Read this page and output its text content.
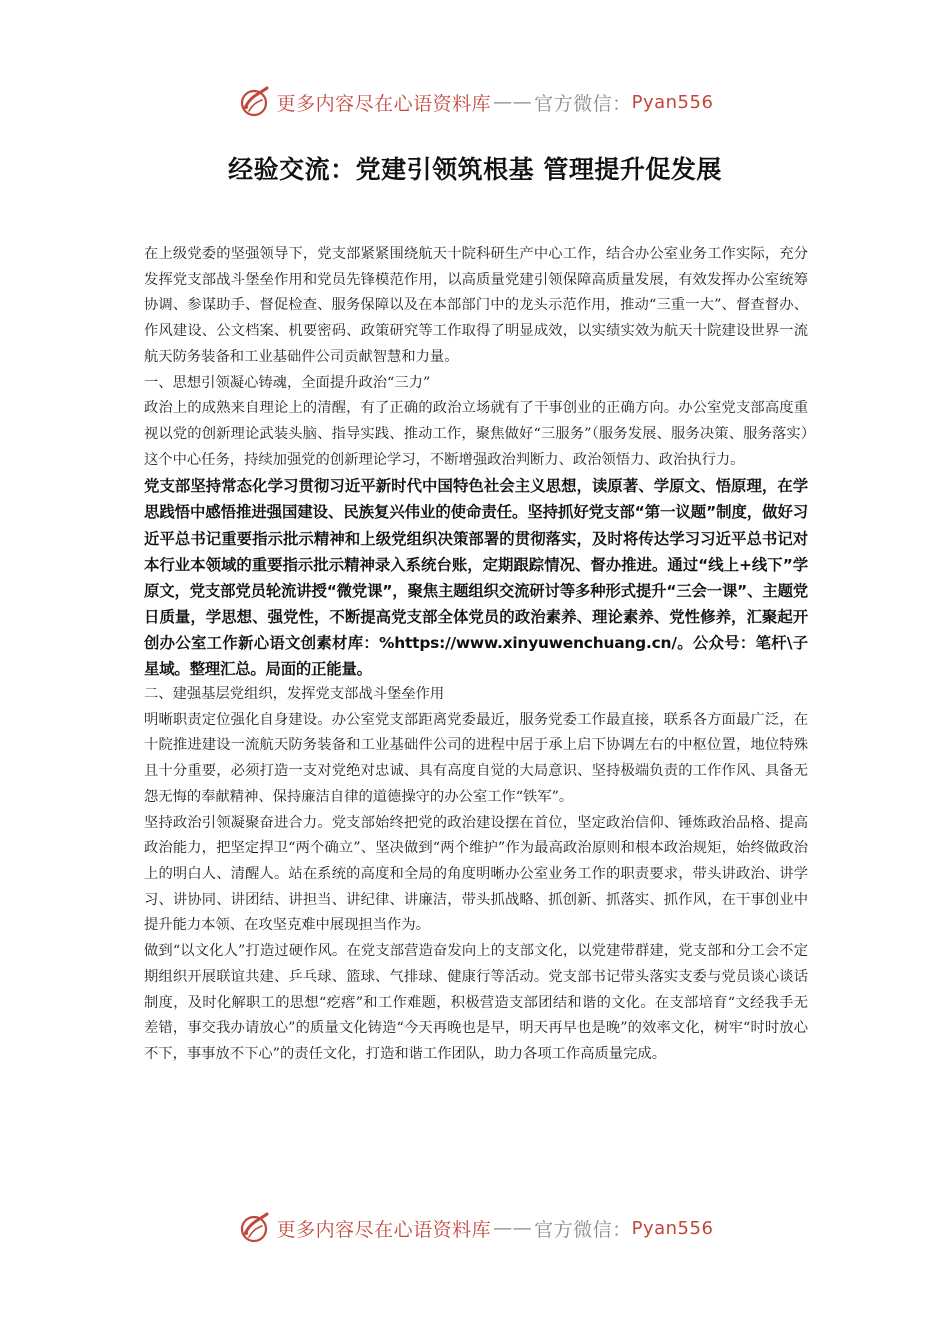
更多内容尽在心语资料库 —— 官方微信： Pyan556
经验交流：党建引领筑根基 管理提升促发展

在上级党委的坚强领导下，党支部紧紧围绕航天十院科研生产中心工作，结合办公室业务工作实际，充分发挥党支部战斗堡垒作用和党员先锋模范作用，以高质量党建引领保障高质量发展，有效发挥办公室统筹协调、参谋助手、督促检查、服务保障以及在本部部门中的龙头示范作用，推动“三重一大”、督查督办、作风建设、公文档案、机要密码、政策研究等工作取得了明显成效，以实绩实效为航天十院建设世界一流航天防务装备和工业基础件公司贡献智慧和力量。

一、思想引领凝心铸魂，全面提升政治“三力”

政治上的成熟来自理论上的清醒，有了正确的政治立场就有了干事创业的正确方向。办公室党支部高度重视以党的创新理论武装头脑、指导实践、推动工作，聚焦做好“三服务”（服务发展、服务决策、服务落实）这个中心任务，持续加强党的创新理论学习，不断增强政治判断力、政治领悟力、政治执行力。

党支部坚持常态化学习贯彻习近平新时代中国特色社会主义思想，读原著、学原文、悟原理，在学思践悟中感悟推进强国建设、民族复兴伟业的使命责任。坚持抓好党支部“第一议题”制度，做好习近平总书记重要指示批示精神和上级党组织决策部署的贯彻落实，及时将传达学习习近平总书记对本行业本领域的重要指示批示精神录入系统台账，定期跟踪情况、督办推进。通过“线上+线下”学原文，党支部党员轮流讲授“微党课”，聚焦主题组织交流研讨等多种形式提升“三会一课”、主题党日质量，学思想、强党性，不断提高党支部全体党员的政治素养、理论素养、党性修养，汇聚起开创办公室工作新心语文创素材库：%https://www.xinyuwenchuang.cn/。公众号：笔杆\子星域。整理汇总。局面的正能量。

二、建强基层党组织，发挥党支部战斗堡垒作用

明晰职责定位强化自身建设。办公室党支部距离党委最近，服务党委工作最直接，联系各方面最广泛，在十院推进建设一流航天防务装备和工业基础件公司的进程中居于承上启下协调左右的中枢位置，地位特殊且十分重要，必须打造一支对党绝对忠诚、具有高度自觉的大局意识、坚持极端负责的工作作风、具备无怨无悔的奉献精神、保持廉洁自律的道德操守的办公室工作“铁军”。

坚持政治引领凝聚奋进合力。党支部始终把党的政治建设摆在首位，坚定政治信仰、锤炼政治品格、提高政治能力，把坚定捍卫“两个确立”、坚决做到“两个维护”作为最高政治原则和根本政治规矩，始终做政治上的明白人、清醒人。站在系统的高度和全局的角度明晰办公室业务工作的职责要求，带头讲政治、讲学习、讲协同、讲团结、讲担当、讲纪律、讲廉洁，带头抓战略、抓创新、抓落实、抓作风，在干事创业中提升能力本领、在攻坚克难中展现担当作为。

做到“以文化人”打造过硬作风。在党支部营造奋发向上的支部文化，以党建带群建，党支部和分工会不定期组织开展联谊共建、乒乓球、篮球、气排球、健康行等活动。党支部书记带头落实支委与党员谈心谈话制度，及时化解职工的思想“疙瘩”和工作难题，积极营造支部团结和谐的文化。在支部培育“文经我手无差错，事交我办请放心”的质量文化铸造“今天再晚也是早，明天再早也是晚”的效率文化，树牢“时时放心不下，事事放不下心”的责任文化，打造和谐工作团队，助力各项工作高质量完成。

更多内容尽在心语资料库 —— 官方微信： Pyan556
